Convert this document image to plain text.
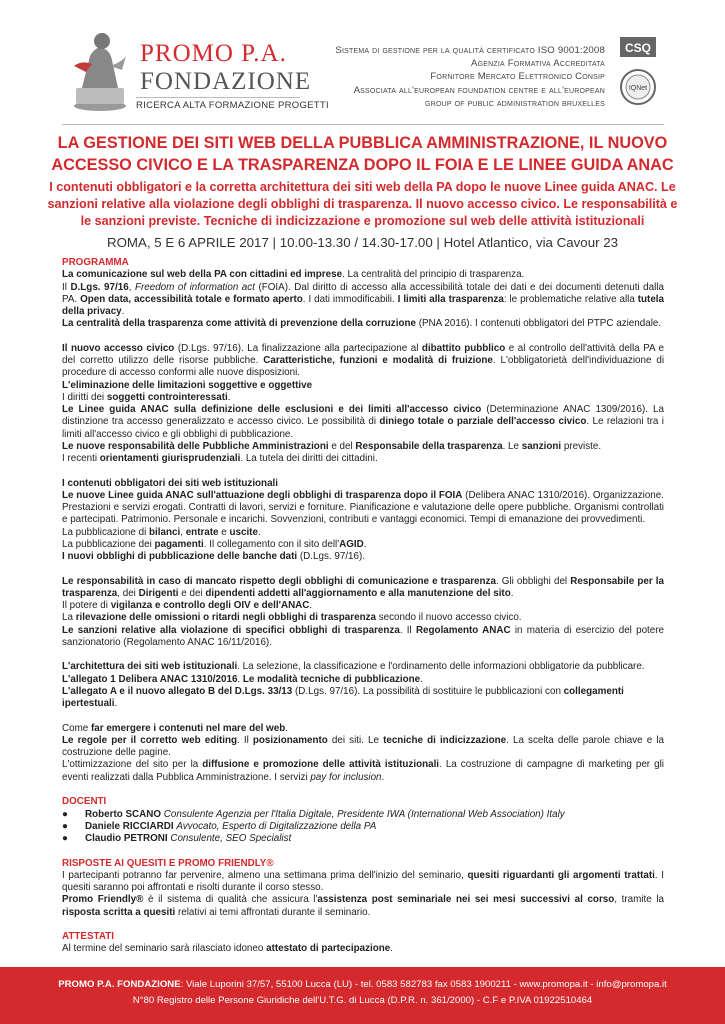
PROMO P.A.
FONDAZIONE
RICERCA ALTA FORMAZIONE PROGETTI
Sistema di gestione per la qualità certificato ISO 9001:2008
Agenzia Formativa Accreditata
Fornitore Mercato Elettronico Consip
Associata all'european foundation centre e all'european
group of public administration bruxelles
CSQ
IQNet
LA GESTIONE DEI SITI WEB DELLA PUBBLICA AMMINISTRAZIONE, IL NUOVO
ACCESSO CIVICO E LA TRASPARENZA DOPO IL FOIA E LE LINEE GUIDA ANAC
I contenuti obbligatori e la corretta architettura dei siti web della PA dopo le nuove Linee guida ANAC. Le
sanzioni relative alla violazione degli obblighi di trasparenza. Il nuovo accesso civico. Le responsabilità e
le sanzioni previste. Tecniche di indicizzazione e promozione sul web delle attività istituzionali
ROMA, 5 E 6 APRILE 2017 | 10.00-13.30 / 14.30-17.00 | Hotel Atlantico, via Cavour 23

PROGRAMMA

La comunicazione sul web della PA con cittadini ed imprese. La centralità del principio di trasparenza.

Il D.Lgs. 97/16, Freedom of information act (FOIA). Dal diritto di accesso alla accessibilità totale dei dati e dei documenti detenuti dalla PA. Open data, accessibilità totale e formato aperto. I dati immodificabili. I limiti alla trasparenza: le problematiche relative alla tutela della privacy.

La centralità della trasparenza come attività di prevenzione della corruzione (PNA 2016). I contenuti obbligatori del PTPC aziendale.

Il nuovo accesso civico (D.Lgs. 97/16). La finalizzazione alla partecipazione al dibattito pubblico e al controllo dell'attività della PA e del corretto utilizzo delle risorse pubbliche. Caratteristiche, funzioni e modalità di fruizione. L'obbligatorietà dell'individuazione di procedure di accesso conformi alle nuove disposizioni.

L'eliminazione delle limitazioni soggettive e oggettive

I diritti dei soggetti controinteressati.

Le Linee guida ANAC sulla definizione delle esclusioni e dei limiti all'accesso civico (Determinazione ANAC 1309/2016). La distinzione tra accesso generalizzato e accesso civico. Le possibilità di diniego totale o parziale dell'accesso civico. Le relazioni tra i limiti all'accesso civico e gli obblighi di pubblicazione.

Le nuove responsabilità delle Pubbliche Amministrazioni e del Responsabile della trasparenza. Le sanzioni previste.

I recenti orientamenti giurisprudenziali. La tutela dei diritti dei cittadini.

I contenuti obbligatori dei siti web istituzionali

Le nuove Linee guida ANAC sull'attuazione degli obblighi di trasparenza dopo il FOIA (Delibera ANAC 1310/2016). Organizzazione. Prestazioni e servizi erogati. Contratti di lavori, servizi e forniture. Pianificazione e valutazione delle opere pubbliche. Organismi controllati e partecipati. Patrimonio. Personale e incarichi. Sovvenzioni, contributi e vantaggi economici. Tempi di emanazione dei provvedimenti.

La pubblicazione di bilanci, entrate e uscite.

La pubblicazione dei pagamenti. Il collegamento con il sito dell'AGID.

I nuovi obblighi di pubblicazione delle banche dati (D.Lgs. 97/16).

Le responsabilità in caso di mancato rispetto degli obblighi di comunicazione e trasparenza. Gli obblighi del Responsabile per la trasparenza, dei Dirigenti e dei dipendenti addetti all'aggiornamento e alla manutenzione del sito.

Il potere di vigilanza e controllo degli OIV e dell'ANAC.

La rilevazione delle omissioni o ritardi negli obblighi di trasparenza secondo il nuovo accesso civico.

Le sanzioni relative alla violazione di specifici obblighi di trasparenza. Il Regolamento ANAC in materia di esercizio del potere sanzionatorio (Regolamento ANAC 16/11/2016).

L'architettura dei siti web istituzionali. La selezione, la classificazione e l'ordinamento delle informazioni obbligatorie da pubblicare.

L'allegato 1 Delibera ANAC 1310/2016. Le modalità tecniche di pubblicazione.

L'allegato A e il nuovo allegato B del D.Lgs. 33/13 (D.Lgs. 97/16). La possibilità di sostituire le pubblicazioni con collegamenti ipertestuali.

Come far emergere i contenuti nel mare del web.

Le regole per il corretto web editing. Il posizionamento dei siti. Le tecniche di indicizzazione. La scelta delle parole chiave e la costruzione delle pagine.

L'ottimizzazione del sito per la diffusione e promozione delle attività istituzionali. La costruzione di campagne di marketing per gli eventi realizzati dalla Pubblica Amministrazione. I servizi pay for inclusion.

DOCENTI

● Roberto SCANO Consulente Agenzia per l'Italia Digitale, Presidente IWA (International Web Association) Italy

● Daniele RICCIARDI Avvocato, Esperto di Digitalizzazione della PA

● Claudio PETRONI Consulente, SEO Specialist

RISPOSTE AI QUESITI E PROMO FRIENDLY®

I partecipanti potranno far pervenire, almeno una settimana prima dell'inizio del seminario, quesiti riguardanti gli argomenti trattati. I quesiti saranno poi affrontati e risolti durante il corso stesso.

Promo Friendly® è il sistema di qualità che assicura l'assistenza post seminariale nei sei mesi successivi al corso, tramite la risposta scritta a quesiti relativi ai temi affrontati durante il seminario.

ATTESTATI

Al termine del seminario sarà rilasciato idoneo attestato di partecipazione.

PROMO P.A. FONDAZIONE: Viale Luporini 37/57, 55100 Lucca (LU) - tel. 0583 582783 fax 0583 1900211 - www.promopa.it - info@promopa.it
N°80 Registro delle Persone Giuridiche dell'U.T.G. di Lucca (D.P.R. n. 361/2000) - C.F e P.IVA 01922510464
